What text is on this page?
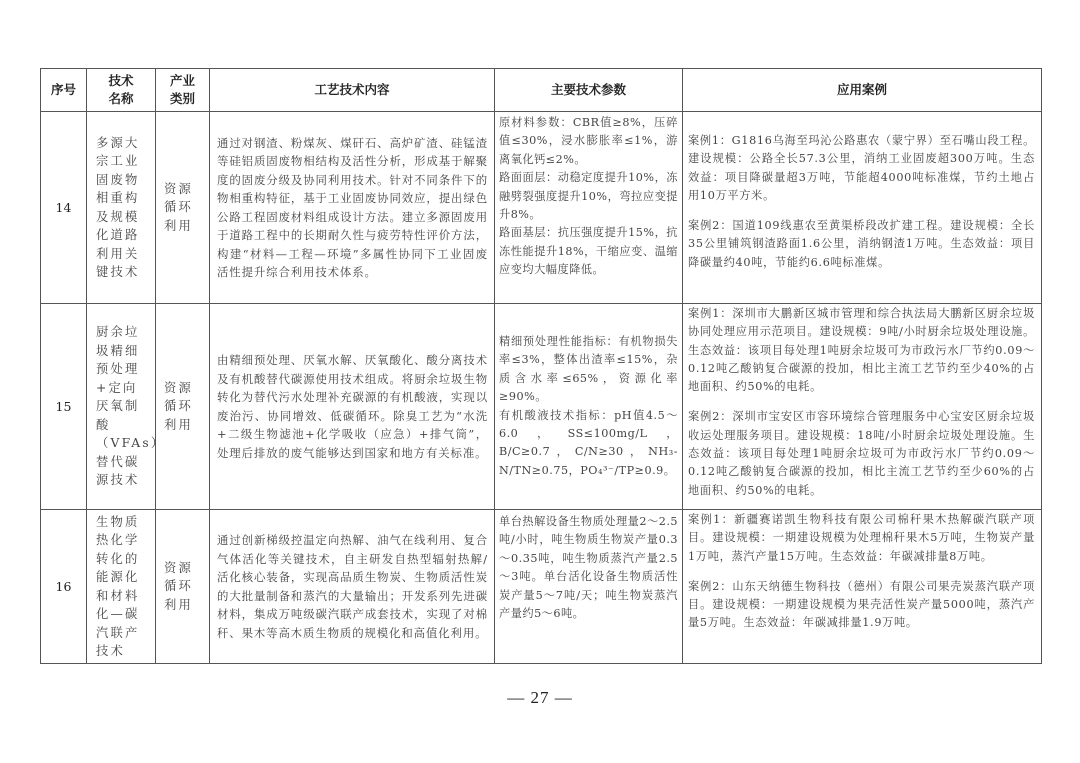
序号	技术名称	产业类别	工艺技术内容	主要技术参数	应用案例
14	多源大宗工业固废物相重构及规模化道路利用关键技术	资源循环利用	通过对钢渣、粉煤灰、煤矸石、高炉矿渣、硅锰渣等硅铝质固废物相结构及活性分析，形成基于解聚度的固废分级及协同利用技术。针对不同条件下的物相重构特征，基于工业固废协同效应，提出绿色公路工程固废材料组成设计方法。建立多源固废用于道路工程中的长期耐久性与疲劳特性评价方法，构建“材料—工程—环境”多属性协同下工业固废活性提升综合利用技术体系。	原材料参数：CBR值≥8%，压碎值≤30%，浸水膨胀率≤1%，游离氧化钙≤2%。
路面面层：动稳定度提升10%，冻融劈裂强度提升10%，弯拉应变提升8%。
路面基层：抗压强度提升15%，抗冻性能提升18%，干缩应变、温缩应变均大幅度降低。	案例1：G1816乌海至玛沁公路惠农（蒙宁界）至石嘴山段工程。建设规模：公路全长57.3公里，消纳工业固废超300万吨。生态效益：项目降碳量超3万吨，节能超4000吨标准煤，节约土地占用10万平方米。
案例2：国道109线惠农至黄渠桥段改扩建工程。建设规模：全长35公里铺筑钢渣路面1.6公里，消纳钢渣1万吨。生态效益：项目降碳量约40吨，节能约6.6吨标准煤。

15	厨余垃圾精细预处理+定向厌氧制酸（VFAs）替代碳源技术	资源循环利用	由精细预处理、厌氧水解、厌氧酸化、酸分离技术及有机酸替代碳源使用技术组成。将厨余垃圾生物转化为替代污水处理补充碳源的有机酸液，实现以废治污、协同增效、低碳循环。除臭工艺为“水洗+二级生物滤池+化学吸收（应急）+排气筒”，处理后排放的废气能够达到国家和地方有关标准。	精细预处理性能指标：有机物损失率≤3%，整体出渣率≤15%，杂质含水率≤65%，资源化率≥90%。
有机酸液技术指标：pH值4.5～6.0，SS≤100mg/L，B/C≥0.7，C/N≥30，NH₃-N/TN≥0.75，PO₄³⁻/TP≥0.9。	案例1：深圳市大鹏新区城市管理和综合执法局大鹏新区厨余垃圾协同处理应用示范项目。建设规模：9吨/小时厨余垃圾处理设施。生态效益：该项目每处理1吨厨余垃圾可为市政污水厂节约0.09～0.12吨乙酸钠复合碳源的投加，相比主流工艺节约至少40%的占地面积、约50%的电耗。
案例2：深圳市宝安区市容环境综合管理服务中心宝安区厨余垃圾收运处理服务项目。建设规模：18吨/小时厨余垃圾处理设施。生态效益：该项目每处理1吨厨余垃圾可为市政污水厂节约0.09～0.12吨乙酸钠复合碳源的投加，相比主流工艺节约至少60%的占地面积、约50%的电耗。

16	生物质热化学转化的能源化和材料化—碳汽联产技术	资源循环利用	通过创新梯级控温定向热解、油气在线利用、复合气体活化等关键技术，自主研发自热型辐射热解/活化核心装备，实现高品质生物炭、生物质活性炭的大批量制备和蒸汽的大量输出；开发系列先进碳材料，集成万吨级碳汽联产成套技术，实现了对棉秆、果木等高木质生物质的规模化和高值化利用。	单台热解设备生物质处理量2～2.5吨/小时，吨生物质生物炭产量0.3～0.35吨，吨生物质蒸汽产量2.5～3吨。单台活化设备生物质活性炭产量5～7吨/天；吨生物炭蒸汽产量约5～6吨。	案例1：新疆赛诺凯生物科技有限公司棉秆果木热解碳汽联产项目。建设规模：一期建设规模为处理棉秆果木5万吨，生物炭产量1万吨，蒸汽产量15万吨。生态效益：年碳减排量8万吨。
案例2：山东天纳德生物科技（德州）有限公司果壳炭蒸汽联产项目。建设规模：一期建设规模为果壳活性炭产量5000吨，蒸汽产量5万吨。生态效益：年碳减排量1.9万吨。
— 27 —
